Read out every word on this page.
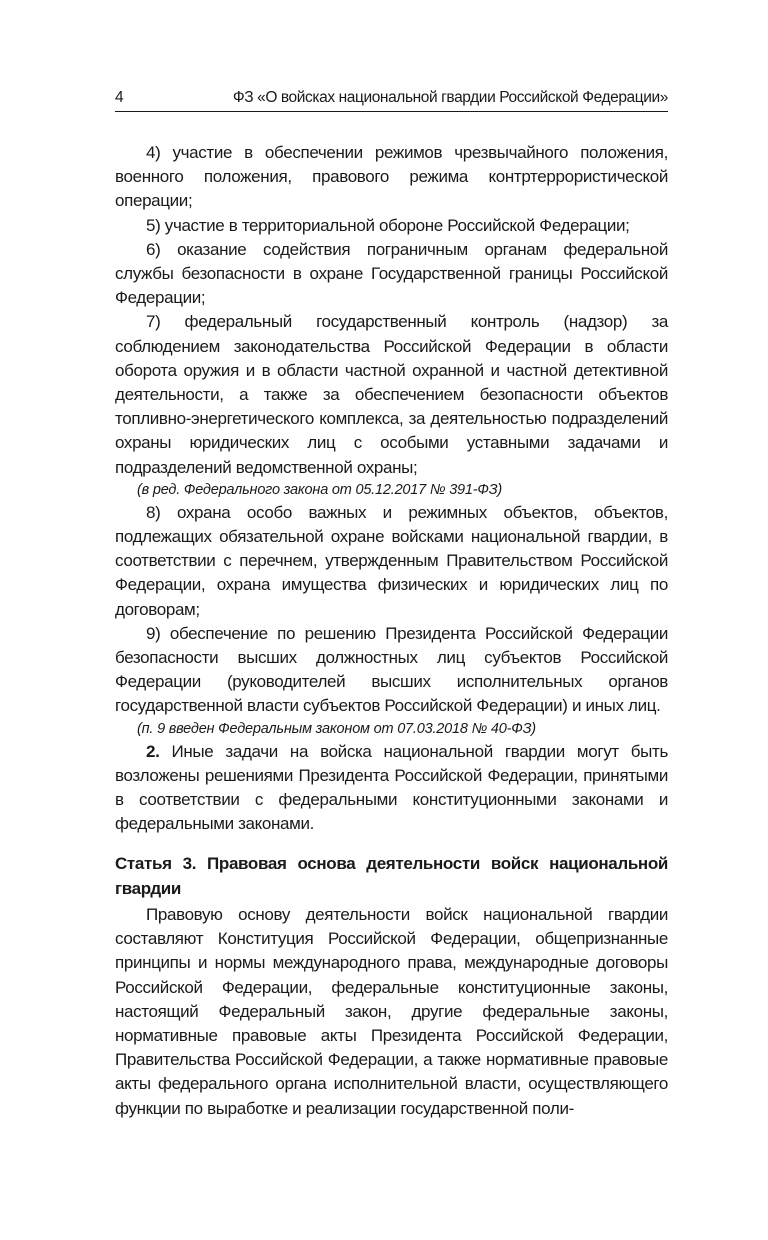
4	ФЗ «О войсках национальной гвардии Российской Федерации»

4) участие в обеспечении режимов чрезвычайного положения, военного положения, правового режима контртеррористической операции;

5) участие в территориальной обороне Российской Федерации;

6) оказание содействия пограничным органам федеральной службы безопасности в охране Государственной границы Российской Федерации;

7) федеральный государственный контроль (надзор) за соблюдением законодательства Российской Федерации в области оборота оружия и в области частной охранной и частной детективной деятельности, а также за обеспечением безопасности объектов топливно-энергетического комплекса, за деятельностью подразделений охраны юридических лиц с особыми уставными задачами и подразделений ведомственной охраны;

(в ред. Федерального закона от 05.12.2017 № 391-ФЗ)

8) охрана особо важных и режимных объектов, объектов, подлежащих обязательной охране войсками национальной гвардии, в соответствии с перечнем, утвержденным Правительством Российской Федерации, охрана имущества физических и юридических лиц по договорам;

9) обеспечение по решению Президента Российской Федерации безопасности высших должностных лиц субъектов Российской Федерации (руководителей высших исполнительных органов государственной власти субъектов Российской Федерации) и иных лиц.

(п. 9 введен Федеральным законом от 07.03.2018 № 40-ФЗ)

2. Иные задачи на войска национальной гвардии могут быть возложены решениями Президента Российской Федерации, принятыми в соответствии с федеральными конституционными законами и федеральными законами.

Статья 3. Правовая основа деятельности войск национальной гвардии

Правовую основу деятельности войск национальной гвардии составляют Конституция Российской Федерации, общепризнанные принципы и нормы международного права, международные договоры Российской Федерации, федеральные конституционные законы, настоящий Федеральный закон, другие федеральные законы, нормативные правовые акты Президента Российской Федерации, Правительства Российской Федерации, а также нормативные правовые акты федерального органа исполнительной власти, осуществляющего функции по выработке и реализации государственной поли-
